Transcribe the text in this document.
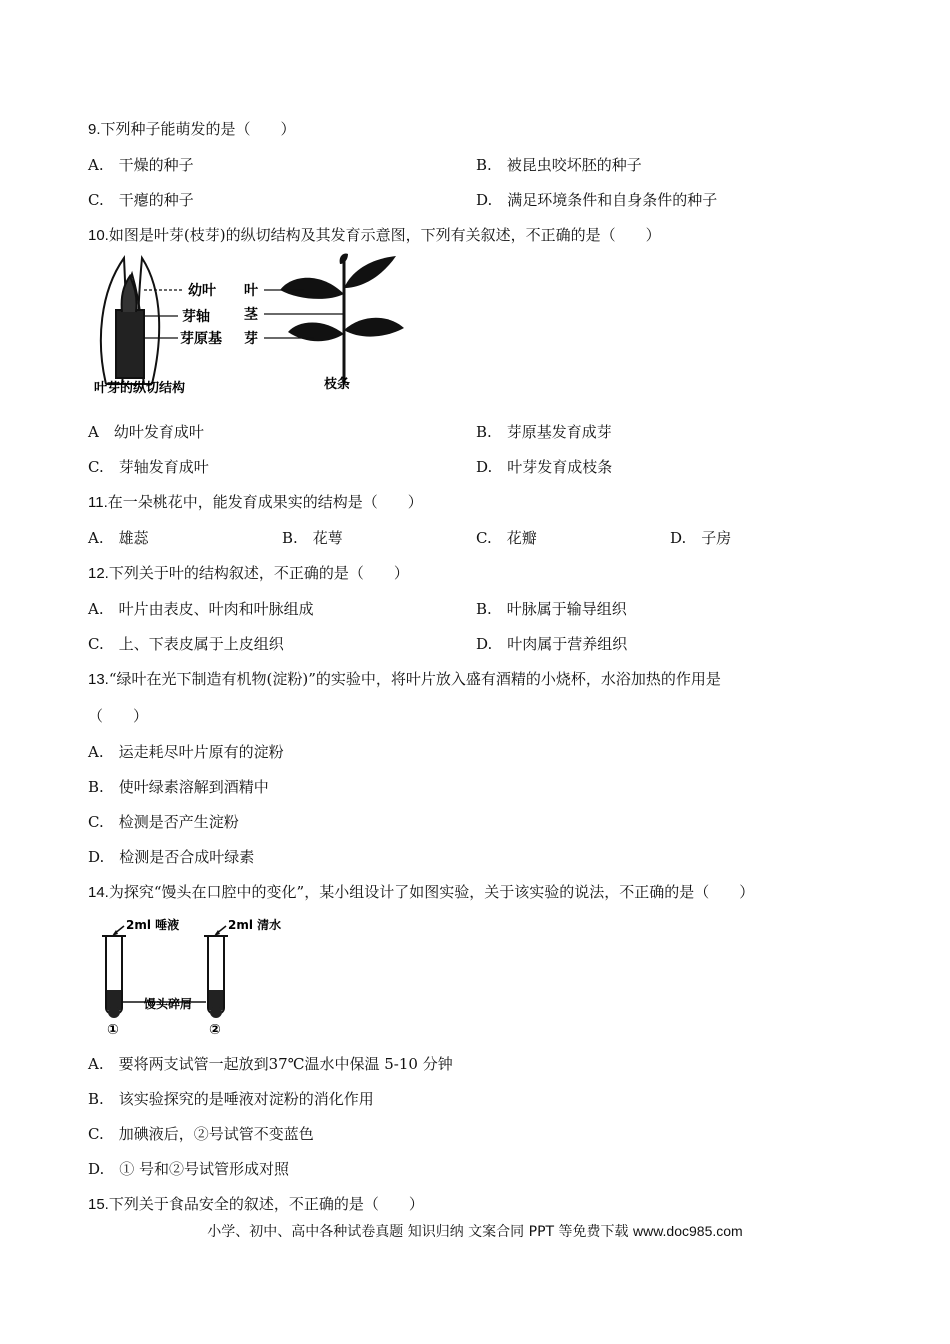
9.下列种子能萌发的是（　　）
A.　干燥的种子	B.　被昆虫咬坏胚的种子
C.　干瘪的种子	D.　满足环境条件和自身条件的种子
10.如图是叶芽(枝芽)的纵切结构及其发育示意图，下列有关叙述，不正确的是（　　）
幼叶
芽轴
芽原基
叶芽的纵切结构
叶
茎
芽
枝条
A　幼叶发育成叶	B.　芽原基发育成芽
C.　芽轴发育成叶	D.　叶芽发育成枝条
11.在一朵桃花中，能发育成果实的结构是（　　）
A.　雄蕊	B.　花萼	C.　花瓣	D.　子房
12.下列关于叶的结构叙述，不正确的是（　　）
A.　叶片由表皮、叶肉和叶脉组成	B.　叶脉属于输导组织
C.　上、下表皮属于上皮组织	D.　叶肉属于营养组织
13.“绿叶在光下制造有机物(淀粉)”的实验中，将叶片放入盛有酒精的小烧杯，水浴加热的作用是
（　　）
A.　运走耗尽叶片原有的淀粉
B.　使叶绿素溶解到酒精中
C.　检测是否产生淀粉
D.　检测是否合成叶绿素
14.为探究“馒头在口腔中的变化”，某小组设计了如图实验，关于该实验的说法，不正确的是（　　）
2ml 唾液	2ml 清水
馒头碎屑
①	②
A.　要将两支试管一起放到37℃温水中保温 5-10 分钟
B.　该实验探究的是唾液对淀粉的消化作用
C.　加碘液后，②号试管不变蓝色
D.　① 号和②号试管形成对照
15.下列关于食品安全的叙述，不正确的是（　　）
小学、初中、高中各种试卷真题 知识归纳 文案合同 PPT 等免费下载 www.doc985.com
